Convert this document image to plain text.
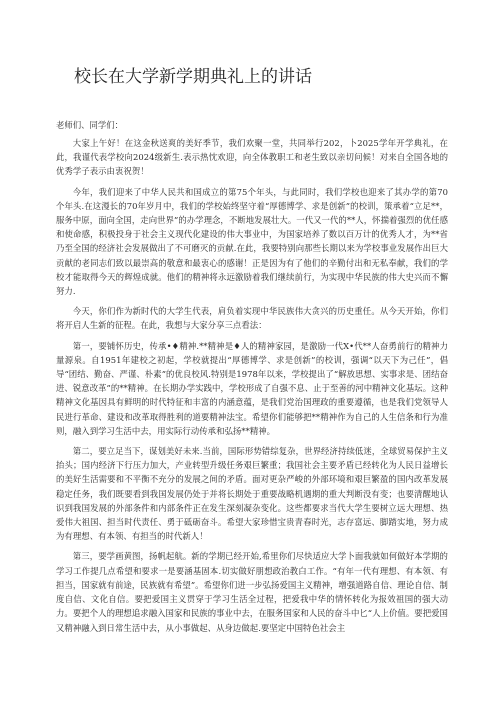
校长在大学新学期典礼上的讲话

老师们、同学们：

大家上午好！在这金秋送爽的美好季节，我们欢聚一堂，共同举行202，卜2025学年开学典礼，在此，我谨代表学校向2024级新生.表示热忱欢迎，向全体教职工和老生致以亲切问候！对来自全国各地的优秀学子表示由衷祝贺！

今年，我们迎来了中华人民共和国成立的第75个年头，与此同时，我们学校也迎来了其办学的第70个年头.在这漫长的70年岁月中，我们的学校始终坚守着“厚德博学、求是创新”的校训，策承着“立足**，服务中原，面向全国，走向世界”的办学理念，不断地发展壮大。一代又一代的**人，怀揣着强烈的优任感和使命感，积极投身于社会主义现代化建设的伟大事业中，为国家培养了数以百万计的优秀人才，为**省乃至全国的经济社会发展做出了不可磨灭的贡献.在此，我要特别向那些长期以来为学校事业发展作出巨大贡献的老同志们致以最崇高的敬意和最衷心的感谢！正是因为有了他们的辛勤付出和无私奉献，我们的学校才能取得今天的辉煌成就。他们的精神将永远激励着我们继续前行，为实现中华民族的伟大史兴而不懈努力.

今天，你们作为新时代的大学生代表，肩负着实现中华民族伟大贪兴的历史重任。从今天开始，你们将开启人生新的征程。在此，我想与大家分享三点看法：

第一，要铺怀历史，传承•♦精神.**精神是♦人的精神家园，是激励一代X•代**人奋勇前行的精神力量源泉。自1951年建校之初起，学校就提出“厚德博学、求是创新”的校训，强调“以天下为己任”，倡导“团结、勤奋、严谨、朴素”的优良校风.特别是1978年以来，学校提出了“解放思想、实事求是、团结奋进、锐意改革”的**精神。在长期办学实践中，学校形成了自强不息、止于至善的河中精神文化基坛。这种精神文化基因具有鲜明的时代特征和丰富的内涵意蕴，是我们党治国理政的重要遵循，也是我们党领导人民进行革命、建设和改革取得胜利的道要精神法宝。希望你们能够把**精神作为自己的人生信条和行为准则，融入到学习生活中去，用实际行动传承和弘扬**精神。

第二，要立足当下，谋划美好未来.当前，国际形势错综复杂，世界经济持续低迷，全球贸易保护主义抬头；国内经济下行压力加大，产业转型升级任务艰巨繁重；我国社会主要矛盾已经转化为人民日益增长的美好生活需要和不平衡不充分的发展之间的矛盾。面对更杂严峻的外部环境和艰巨繁盈的国内改革发展稳定任务，我们既要看到我国发展仍处于并将长期处于重要战略机遇期的重大判断没有变；也要清醒地认识到我国发展的外部条件和内部条件正在发生深刻凝杂变化。这些都要求当代大学生要树立远大理想、热爱伟大祖国、担当时代责任、勇于砥砺奋斗。希望大家珍惜宝贵青春时光，志存富远、脚踏实地，努力成为有理想、有本领、有担当的时代新人！

第三，要学画黄图，扬帆起航。新的学期已经开始,希里你们尽快适应大学卜面我就如何做好本学期的学习工作提几点希望和要求一是要涵基固本.切实做好朋想政治教白工作。“有年一代有理想、有本领、有担当，国家就有前途，民族就有希望”。希望你们进一步弘扬爱国主义精神，增强道路自信、理论自信、制度自信、文化自信。要把爱国主义贯穿于学习生活全过程，把爱我中华的情怀转化为报效祖国的强大动力。要把个人的理想追求融入国家和民族的事业中去，在服务国家和人民的奋斗中匕“人上价值。要把爱国又精神融入到日常生活中去，从小事做起、从身边做起.要坚定中国特色社会主
